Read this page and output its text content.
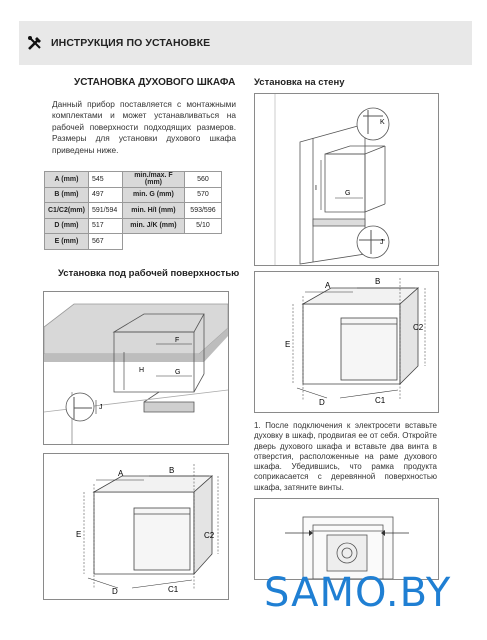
ИНСТРУКЦИЯ ПО УСТАНОВКЕ
УСТАНОВКА ДУХОВОГО ШКАФА
Данный прибор поставляется с монтажными комплектами и может устанавливаться на рабочей поверхности подходящих размеров. Размеры для установки духового шкафа приведены ниже.
A (mm)	545	min./max. F (mm)	560
B (mm)	497	min. G (mm)	570
C1/C2(mm)	591/594	min. H/I (mm)	593/596
D (mm)	517	min. J/K (mm)	5/10
E (mm)	567		
Установка под рабочей поверхностью
F
H	G
J
A	B
E	C2
D	C1
Установка на стену
K
I
G
J
A	B
E
C2
D	C1
1. После подключения к электросети вставьте духовку в шкаф, продвигая ее от себя. Откройте дверь духового шкафа и вставьте два винта в отверстия, расположенные на раме духового шкафа. Убедившись, что рамка продукта соприкасается с деревянной поверхностью шкафа, затяните винты.
SAMO.BY
